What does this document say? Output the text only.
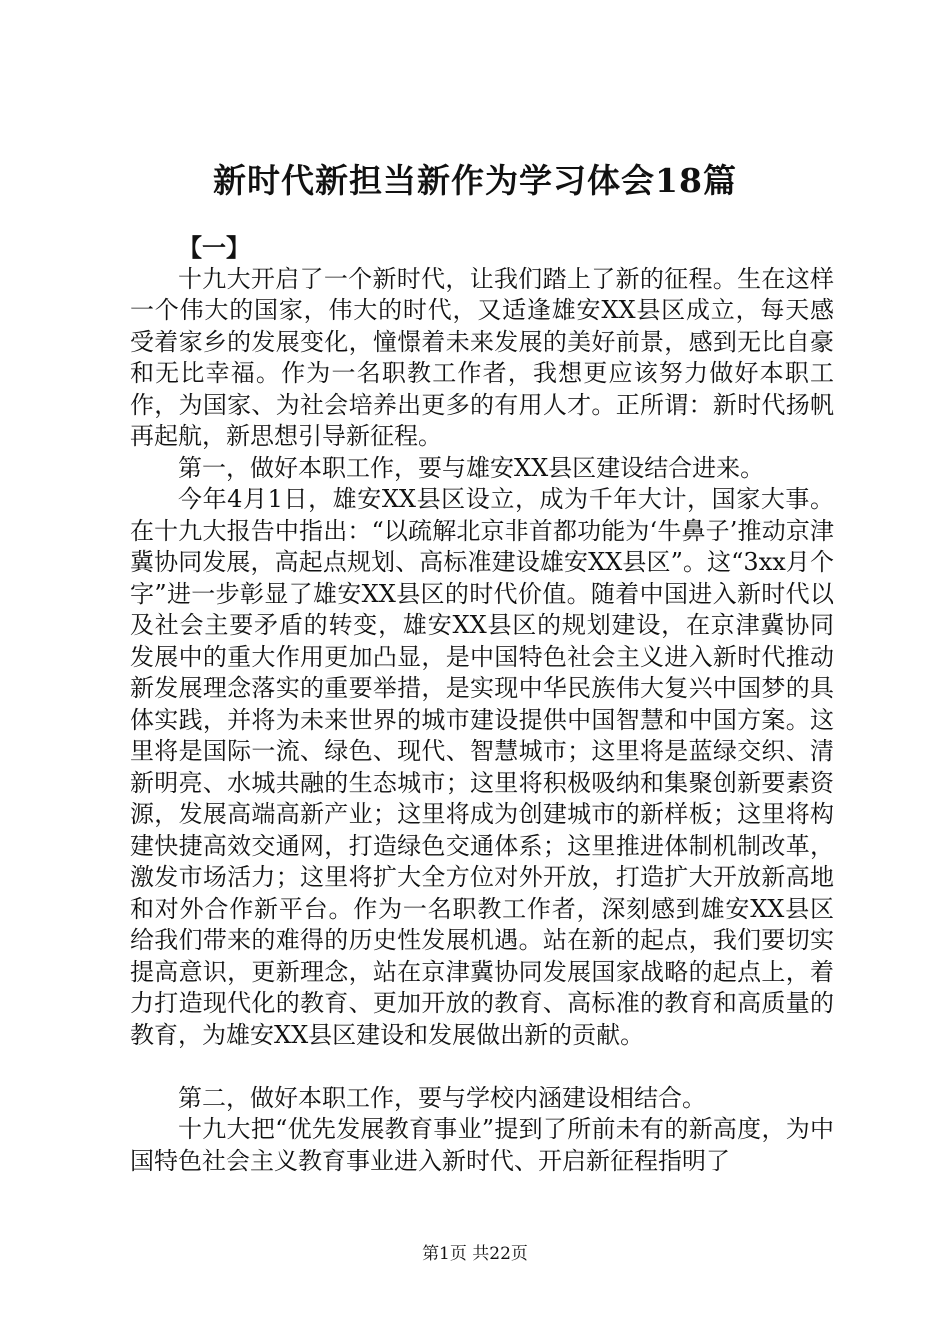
新时代新担当新作为学习体会18篇

【一】

十九大开启了一个新时代，让我们踏上了新的征程。生在这样一个伟大的国家，伟大的时代，又适逢雄安XX县区成立，每天感受着家乡的发展变化，憧憬着未来发展的美好前景，感到无比自豪和无比幸福。作为一名职教工作者，我想更应该努力做好本职工作，为国家、为社会培养出更多的有用人才。正所谓：新时代扬帆再起航，新思想引导新征程。

第一，做好本职工作，要与雄安XX县区建设结合进来。

今年4月1日，雄安XX县区设立，成为千年大计，国家大事。在十九大报告中指出：“以疏解北京非首都功能为‘牛鼻子’推动京津冀协同发展，高起点规划、高标准建设雄安XX县区”。这“3xx月个字”进一步彰显了雄安XX县区的时代价值。随着中国进入新时代以及社会主要矛盾的转变，雄安XX县区的规划建设，在京津冀协同发展中的重大作用更加凸显，是中国特色社会主义进入新时代推动新发展理念落实的重要举措，是实现中华民族伟大复兴中国梦的具体实践，并将为未来世界的城市建设提供中国智慧和中国方案。这里将是国际一流、绿色、现代、智慧城市；这里将是蓝绿交织、清新明亮、水城共融的生态城市；这里将积极吸纳和集聚创新要素资源，发展高端高新产业；这里将成为创建城市的新样板；这里将构建快捷高效交通网，打造绿色交通体系；这里推进体制机制改革，激发市场活力；这里将扩大全方位对外开放，打造扩大开放新高地和对外合作新平台。作为一名职教工作者，深刻感到雄安XX县区给我们带来的难得的历史性发展机遇。站在新的起点，我们要切实提高意识，更新理念，站在京津冀协同发展国家战略的起点上，着力打造现代化的教育、更加开放的教育、高标准的教育和高质量的教育，为雄安XX县区建设和发展做出新的贡献。

第二，做好本职工作，要与学校内涵建设相结合。

十九大把“优先发展教育事业”提到了所前未有的新高度，为中国特色社会主义教育事业进入新时代、开启新征程指明了

第1页 共22页
